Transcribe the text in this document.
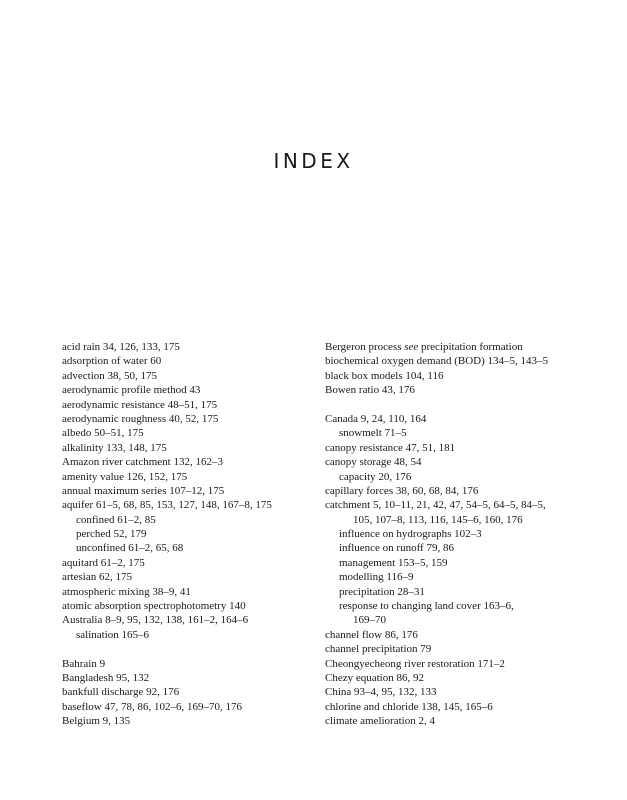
INDEX
acid rain 34, 126, 133, 175
adsorption of water 60
advection 38, 50, 175
aerodynamic profile method 43
aerodynamic resistance 48–51, 175
aerodynamic roughness 40, 52, 175
albedo 50–51, 175
alkalinity 133, 148, 175
Amazon river catchment 132, 162–3
amenity value 126, 152, 175
annual maximum series 107–12, 175
aquifer 61–5, 68, 85, 153, 127, 148, 167–8, 175
confined 61–2, 85
perched 52, 179
unconfined 61–2, 65, 68
aquitard 61–2, 175
artesian 62, 175
atmospheric mixing 38–9, 41
atomic absorption spectrophotometry 140
Australia 8–9, 95, 132, 138, 161–2, 164–6
salination 165–6
Bahrain 9
Bangladesh 95, 132
bankfull discharge 92, 176
baseflow 47, 78, 86, 102–6, 169–70, 176
Belgium 9, 135
Bergeron process see precipitation formation
biochemical oxygen demand (BOD) 134–5, 143–5
black box models 104, 116
Bowen ratio 43, 176
Canada 9, 24, 110, 164
snowmelt 71–5
canopy resistance 47, 51, 181
canopy storage 48, 54
capacity 20, 176
capillary forces 38, 60, 68, 84, 176
catchment 5, 10–11, 21, 42, 47, 54–5, 64–5, 84–5,
105, 107–8, 113, 116, 145–6, 160, 176
influence on hydrographs 102–3
influence on runoff 79, 86
management 153–5, 159
modelling 116–9
precipitation 28–31
response to changing land cover 163–6,
169–70
channel flow 86, 176
channel precipitation 79
Cheongyecheong river restoration 171–2
Chezy equation 86, 92
China 93–4, 95, 132, 133
chlorine and chloride 138, 145, 165–6
climate amelioration 2, 4
